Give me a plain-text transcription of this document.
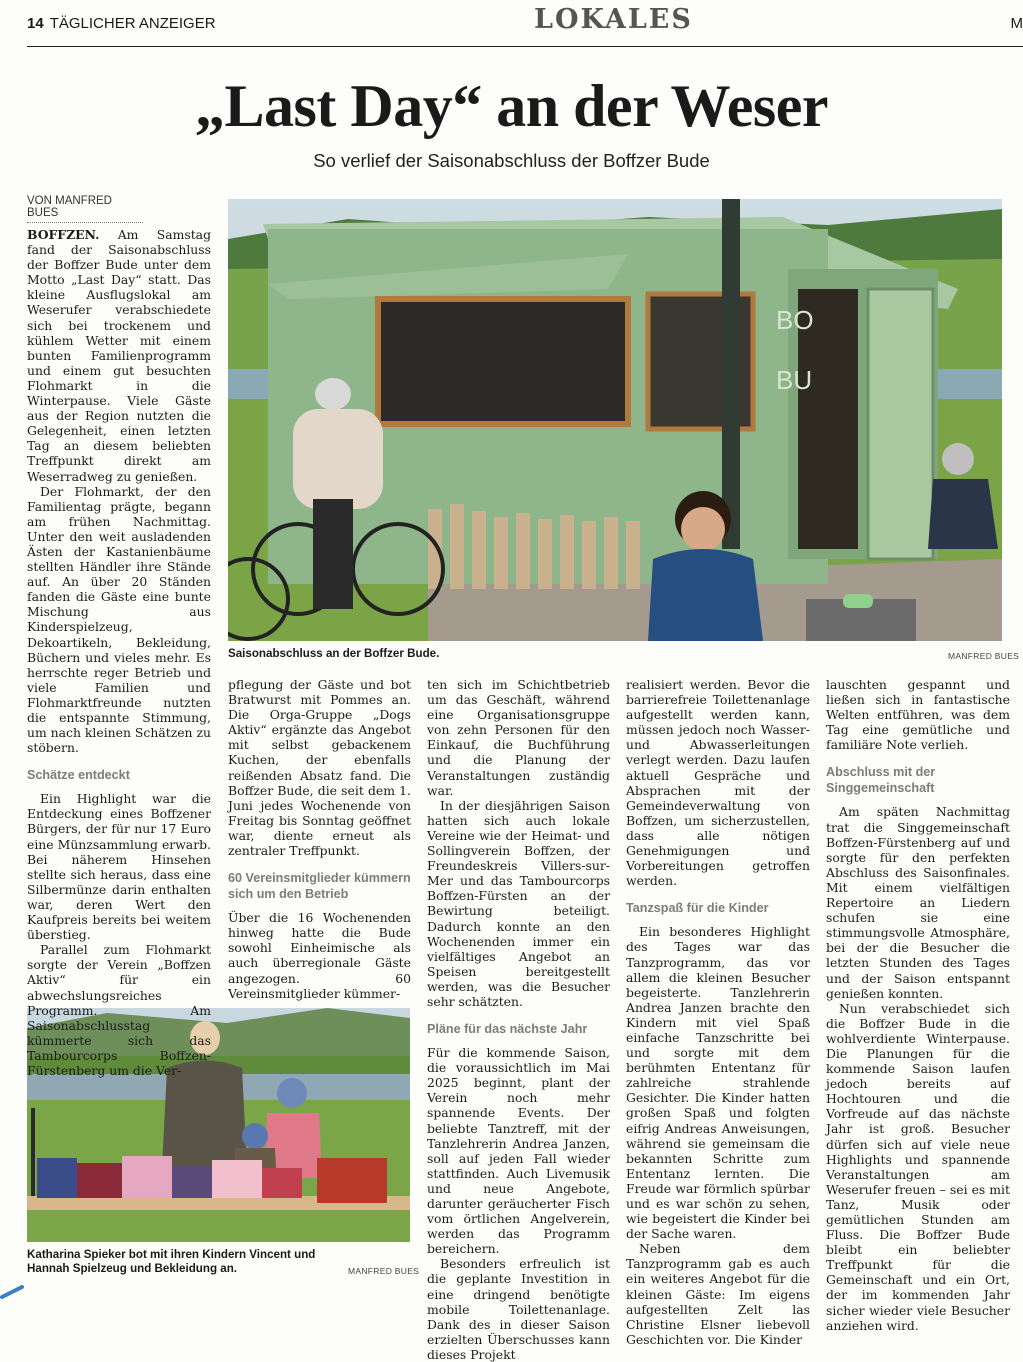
14 TÄGLICHER ANZEIGER	LOKALES	M
„Last Day“ an der Weser
So verlief der Saisonabschluss der Boffzer Bude
VON MANFRED BUES
BO
BU
Saisonabschluss an der Boffzer Bude.	MANFRED BUES
Katharina Spieker bot mit ihren Kindern Vincent und Hannah Spielzeug und Bekleidung an.	MANFRED BUES

BOFFZEN. Am Samstag fand der Saisonabschluss der Boffzer Bude unter dem Motto „Last Day“ statt. Das kleine Ausflugslokal am Weserufer verabschiedete sich bei trockenem und kühlem Wetter mit einem bunten Familienprogramm und einem gut besuchten Flohmarkt in die Winterpause. Viele Gäste aus der Region nutzten die Gelegenheit, einen letzten Tag an diesem beliebten Treffpunkt direkt am Weserradweg zu genießen.

Der Flohmarkt, der den Familientag prägte, begann am frühen Nachmittag. Unter den weit ausladenden Ästen der Kastanienbäume stellten Händler ihre Stände auf. An über 20 Ständen fanden die Gäste eine bunte Mischung aus Kinderspielzeug, Dekoartikeln, Bekleidung, Büchern und vieles mehr. Es herrschte reger Betrieb und viele Familien und Flohmarktfreunde nutzten die entspannte Stimmung, um nach kleinen Schätzen zu stöbern.

Schätze entdeckt

Ein Highlight war die Entdeckung eines Boffzener Bürgers, der für nur 17 Euro eine Münzsammlung erwarb. Bei näherem Hinsehen stellte sich heraus, dass eine Silbermünze darin enthalten war, deren Wert den Kaufpreis bereits bei weitem überstieg.

Parallel zum Flohmarkt sorgte der Verein „Boffzen Aktiv“ für ein abwechslungsreiches Programm. Am Saisonabschlusstag kümmerte sich das Tambourcorps Boffzen-Fürstenberg um die Ver-

pflegung der Gäste und bot Bratwurst mit Pommes an. Die Orga-Gruppe „Dogs Aktiv“ ergänzte das Angebot mit selbst gebackenem Kuchen, der ebenfalls reißenden Absatz fand. Die Boffzer Bude, die seit dem 1. Juni jedes Wochenende von Freitag bis Sonntag geöffnet war, diente erneut als zentraler Treffpunkt.

60 Vereinsmitglieder kümmern sich um den Betrieb

Über die 16 Wochenenden hinweg hatte die Bude sowohl Einheimische als auch überregionale Gäste angezogen. 60 Vereinsmitglieder kümmer-

ten sich im Schichtbetrieb um das Geschäft, während eine Organisationsgruppe von zehn Personen für den Einkauf, die Buchführung und die Planung der Veranstaltungen zuständig war.

In der diesjährigen Saison hatten sich auch lokale Vereine wie der Heimat- und Sollingverein Boffzen, der Freundeskreis Villers-sur-Mer und das Tambourcorps Boffzen-Fürsten an der Bewirtung beteiligt. Dadurch konnte an den Wochenenden immer ein vielfältiges Angebot an Speisen bereitgestellt werden, was die Besucher sehr schätzten.

Pläne für das nächste Jahr

Für die kommende Saison, die voraussichtlich im Mai 2025 beginnt, plant der Verein noch mehr spannende Events. Der beliebte Tanztreff, mit der Tanzlehrerin Andrea Janzen, soll auf jeden Fall wieder stattfinden. Auch Livemusik und neue Angebote, darunter geräucherter Fisch vom örtlichen Angelverein, werden das Programm bereichern.

Besonders erfreulich ist die geplante Investition in eine dringend benötigte mobile Toilettenanlage. Dank des in dieser Saison erzielten Überschusses kann dieses Projekt

realisiert werden. Bevor die barrierefreie Toilettenanlage aufgestellt werden kann, müssen jedoch noch Wasser- und Abwasserleitungen verlegt werden. Dazu laufen aktuell Gespräche und Absprachen mit der Gemeindeverwaltung von Boffzen, um sicherzustellen, dass alle nötigen Genehmigungen und Vorbereitungen getroffen werden.

Tanzspaß für die Kinder

Ein besonderes Highlight des Tages war das Tanzprogramm, das vor allem die kleinen Besucher begeisterte. Tanzlehrerin Andrea Janzen brachte den Kindern mit viel Spaß einfache Tanzschritte bei und sorgte mit dem berühmten Ententanz für zahlreiche strahlende Gesichter. Die Kinder hatten großen Spaß und folgten eifrig Andreas Anweisungen, während sie gemeinsam die bekannten Schritte zum Ententanz lernten. Die Freude war förmlich spürbar und es war schön zu sehen, wie begeistert die Kinder bei der Sache waren.

Neben dem Tanzprogramm gab es auch ein weiteres Angebot für die kleinen Gäste: Im eigens aufgestellten Zelt las Christine Elsner liebevoll Geschichten vor. Die Kinder

lauschten gespannt und ließen sich in fantastische Welten entführen, was dem Tag eine gemütliche und familiäre Note verlieh.

Abschluss mit der Singgemeinschaft

Am späten Nachmittag trat die Singgemeinschaft Boffzen-Fürstenberg auf und sorgte für den perfekten Abschluss des Saisonfinales. Mit einem vielfältigen Repertoire an Liedern schufen sie eine stimmungsvolle Atmosphäre, bei der die Besucher die letzten Stunden des Tages und der Saison entspannt genießen konnten.

Nun verabschiedet sich die Boffzer Bude in die wohlverdiente Winterpause. Die Planungen für die kommende Saison laufen jedoch bereits auf Hochtouren und die Vorfreude auf das nächste Jahr ist groß. Besucher dürfen sich auf viele neue Highlights und spannende Veranstaltungen am Weserufer freuen – sei es mit Tanz, Musik oder gemütlichen Stunden am Fluss. Die Boffzer Bude bleibt ein beliebter Treffpunkt für die Gemeinschaft und ein Ort, der im kommenden Jahr sicher wieder viele Besucher anziehen wird.
